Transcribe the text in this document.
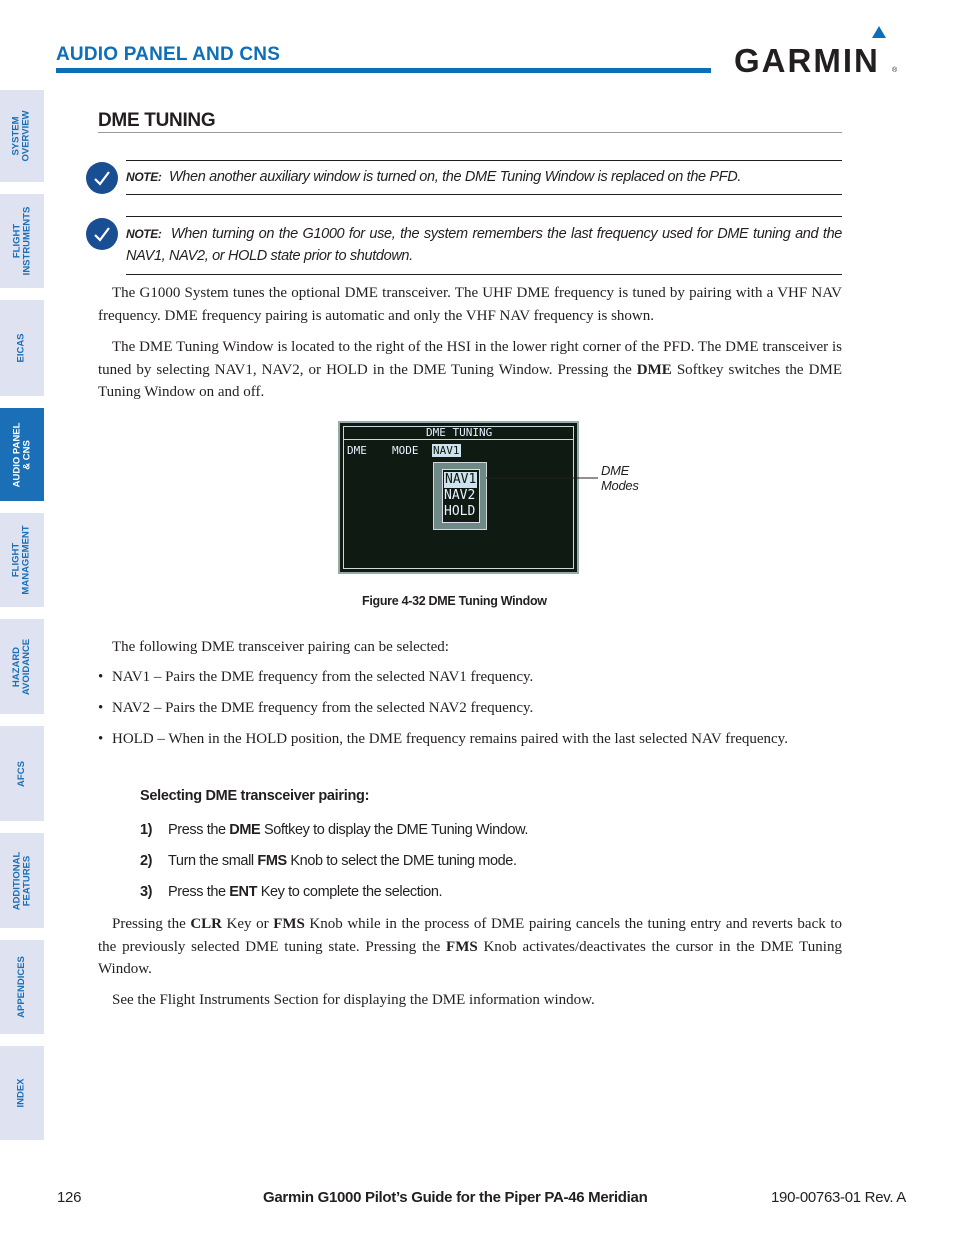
SYSTEM
OVERVIEW
FLIGHT
INSTRUMENTS
EICAS
AUDIO PANEL
& CNS
FLIGHT
MANAGEMENT
HAZARD
AVOIDANCE
AFCS
ADDITIONAL
FEATURES
APPENDICES
INDEX
AUDIO PANEL AND CNS	GARMIN ®
DME TUNING
NOTE: When another auxiliary window is turned on, the DME Tuning Window is replaced on the PFD.
NOTE: When turning on the G1000 for use, the system remembers the last frequency used for DME tuning and the NAV1, NAV2, or HOLD state prior to shutdown.
The G1000 System tunes the optional DME transceiver. The UHF DME frequency is tuned by pairing with a VHF NAV frequency. DME frequency pairing is automatic and only the VHF NAV frequency is shown.
The DME Tuning Window is located to the right of the HSI in the lower right corner of the PFD. The DME transceiver is tuned by selecting NAV1, NAV2, or HOLD in the DME Tuning Window. Pressing the DME Softkey switches the DME Tuning Window on and off.
DME TUNING
DME MODE NAV1
NAV1
NAV2
HOLD
DME
Modes
Figure 4-32 DME Tuning Window
The following DME transceiver pairing can be selected:
• NAV1 – Pairs the DME frequency from the selected NAV1 frequency.
• NAV2 – Pairs the DME frequency from the selected NAV2 frequency.
• HOLD – When in the HOLD position, the DME frequency remains paired with the last selected NAV frequency.
Selecting DME transceiver pairing:
1) Press the DME Softkey to display the DME Tuning Window.
2) Turn the small FMS Knob to select the DME tuning mode.
3) Press the ENT Key to complete the selection.
Pressing the CLR Key or FMS Knob while in the process of DME pairing cancels the tuning entry and reverts back to the previously selected DME tuning state. Pressing the FMS Knob activates/deactivates the cursor in the DME Tuning Window.
See the Flight Instruments Section for displaying the DME information window.
126	Garmin G1000 Pilot’s Guide for the Piper PA-46 Meridian	190-00763-01 Rev. A
